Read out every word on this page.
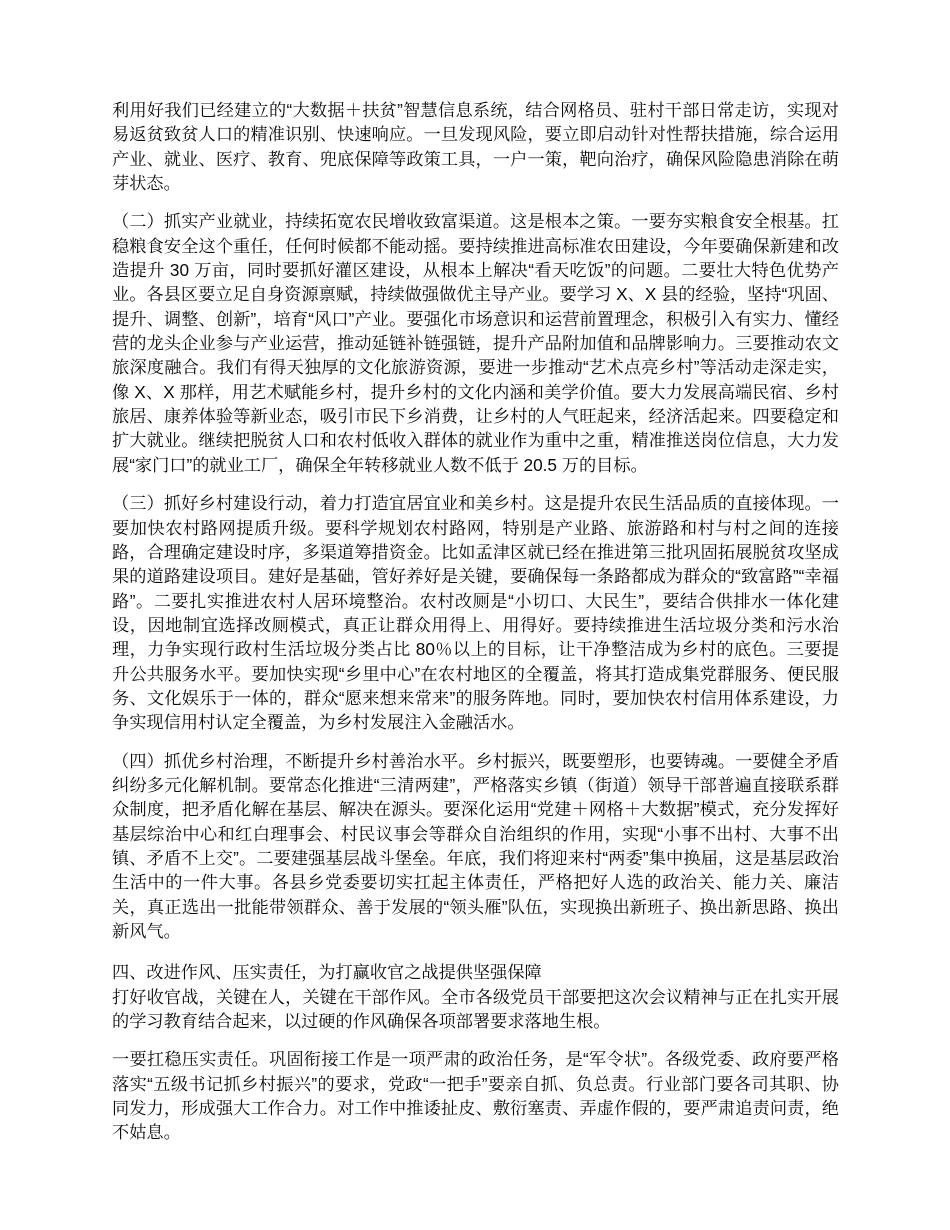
利用好我们已经建立的“大数据＋扶贫”智慧信息系统，结合网格员、驻村干部日常走访，实现对易返贫致贫人口的精准识别、快速响应。一旦发现风险，要立即启动针对性帮扶措施，综合运用产业、就业、医疗、教育、兜底保障等政策工具，一户一策，靶向治疗，确保风险隐患消除在萌芽状态。

（二）抓实产业就业，持续拓宽农民增收致富渠道。这是根本之策。一要夯实粮食安全根基。扛稳粮食安全这个重任，任何时候都不能动摇。要持续推进高标准农田建设，今年要确保新建和改造提升 30 万亩，同时要抓好灌区建设，从根本上解决“看天吃饭”的问题。二要壮大特色优势产业。各县区要立足自身资源禀赋，持续做强做优主导产业。要学习 X、X 县的经验，坚持“巩固、提升、调整、创新”，培育“风口”产业。要强化市场意识和运营前置理念，积极引入有实力、懂经营的龙头企业参与产业运营，推动延链补链强链，提升产品附加值和品牌影响力。三要推动农文旅深度融合。我们有得天独厚的文化旅游资源，要进一步推动“艺术点亮乡村”等活动走深走实，像 X、X 那样，用艺术赋能乡村，提升乡村的文化内涵和美学价值。要大力发展高端民宿、乡村旅居、康养体验等新业态，吸引市民下乡消费，让乡村的人气旺起来，经济活起来。四要稳定和扩大就业。继续把脱贫人口和农村低收入群体的就业作为重中之重，精准推送岗位信息，大力发展“家门口”的就业工厂，确保全年转移就业人数不低于 20.5 万的目标。

（三）抓好乡村建设行动，着力打造宜居宜业和美乡村。这是提升农民生活品质的直接体现。一要加快农村路网提质升级。要科学规划农村路网，特别是产业路、旅游路和村与村之间的连接路，合理确定建设时序，多渠道筹措资金。比如孟津区就已经在推进第三批巩固拓展脱贫攻坚成果的道路建设项目。建好是基础，管好养好是关键，要确保每一条路都成为群众的“致富路”“幸福路”。二要扎实推进农村人居环境整治。农村改厕是“小切口、大民生”，要结合供排水一体化建设，因地制宜选择改厕模式，真正让群众用得上、用得好。要持续推进生活垃圾分类和污水治理，力争实现行政村生活垃圾分类占比 80％以上的目标，让干净整洁成为乡村的底色。三要提升公共服务水平。要加快实现“乡里中心”在农村地区的全覆盖，将其打造成集党群服务、便民服务、文化娱乐于一体的，群众“愿来想来常来”的服务阵地。同时，要加快农村信用体系建设，力争实现信用村认定全覆盖，为乡村发展注入金融活水。

（四）抓优乡村治理，不断提升乡村善治水平。乡村振兴，既要塑形，也要铸魂。一要健全矛盾纠纷多元化解机制。要常态化推进“三清两建”，严格落实乡镇（街道）领导干部普遍直接联系群众制度，把矛盾化解在基层、解决在源头。要深化运用“党建＋网格＋大数据”模式，充分发挥好基层综治中心和红白理事会、村民议事会等群众自治组织的作用，实现“小事不出村、大事不出镇、矛盾不上交”。二要建强基层战斗堡垒。年底，我们将迎来村“两委”集中换届，这是基层政治生活中的一件大事。各县乡党委要切实扛起主体责任，严格把好人选的政治关、能力关、廉洁关，真正选出一批能带领群众、善于发展的“领头雁”队伍，实现换出新班子、换出新思路、换出新风气。

四、改进作风、压实责任，为打赢收官之战提供坚强保障

打好收官战，关键在人，关键在干部作风。全市各级党员干部要把这次会议精神与正在扎实开展的学习教育结合起来，以过硬的作风确保各项部署要求落地生根。

一要扛稳压实责任。巩固衔接工作是一项严肃的政治任务，是“军令状”。各级党委、政府要严格落实“五级书记抓乡村振兴”的要求，党政“一把手”要亲自抓、负总责。行业部门要各司其职、协同发力，形成强大工作合力。对工作中推诿扯皮、敷衍塞责、弄虚作假的，要严肃追责问责，绝不姑息。
